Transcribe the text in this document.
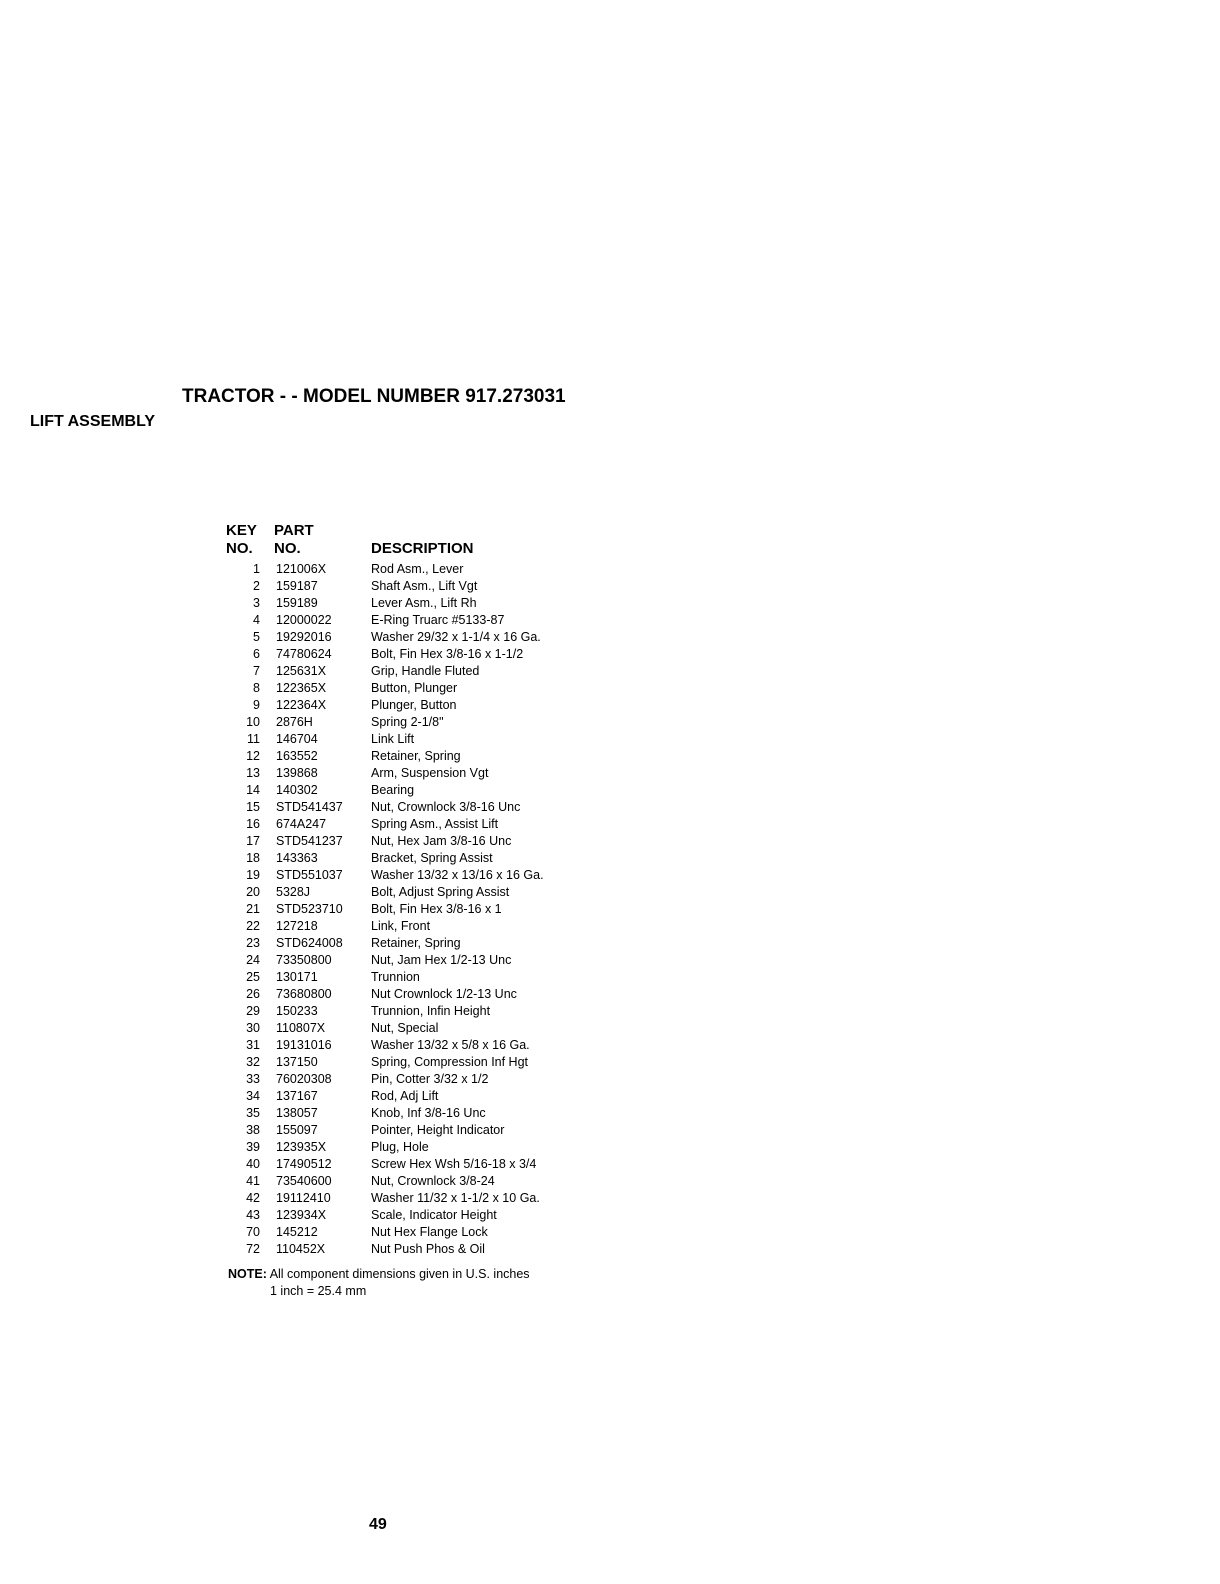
TRACTOR - - MODEL NUMBER 917.273031
LIFT ASSEMBLY
KEY PART
NO. NO.	DESCRIPTION
1 121006X	Rod Asm., Lever
2 159187	Shaft Asm., Lift Vgt
3 159189	Lever Asm., Lift Rh
4 12000022	E-Ring Truarc #5133-87
5 19292016	Washer 29/32 x 1-1/4 x 16 Ga.
6 74780624	Bolt, Fin Hex 3/8-16 x 1-1/2
7 125631X	Grip, Handle Fluted
8 122365X	Button, Plunger
9 122364X	Plunger, Button
10 2876H	Spring 2-1/8"
11 146704	Link Lift
12 163552	Retainer, Spring
13 139868	Arm, Suspension Vgt
14 140302	Bearing
15 STD541437 Nut, Crownlock 3/8-16 Unc
16 674A247	Spring Asm., Assist Lift
17 STD541237 Nut, Hex Jam 3/8-16 Unc
18 143363	Bracket, Spring Assist
19 STD551037 Washer 13/32 x 13/16 x 16 Ga.
20 5328J	Bolt, Adjust Spring Assist
21 STD523710 Bolt, Fin Hex 3/8-16 x 1
22 127218	Link, Front
23 STD624008 Retainer, Spring
24 73350800	Nut, Jam Hex 1/2-13 Unc
25 130171	Trunnion
26 73680800	Nut Crownlock 1/2-13 Unc
29 150233	Trunnion, Infin Height
30 110807X	Nut, Special
31 19131016	Washer 13/32 x 5/8 x 16 Ga.
32 137150	Spring, Compression Inf Hgt
33 76020308	Pin, Cotter 3/32 x 1/2
34 137167	Rod, Adj Lift
35 138057	Knob, Inf 3/8-16 Unc
38 155097	Pointer, Height Indicator
39 123935X	Plug, Hole
40 17490512	Screw Hex Wsh 5/16-18 x 3/4
41 73540600	Nut, Crownlock 3/8-24
42 19112410	Washer 11/32 x 1-1/2 x 10 Ga.
43 123934X	Scale, Indicator Height
70 145212	Nut Hex Flange Lock
72 110452X	Nut Push Phos & Oil
NOTE: All component dimensions given in U.S. inches
1 inch = 25.4 mm
49
